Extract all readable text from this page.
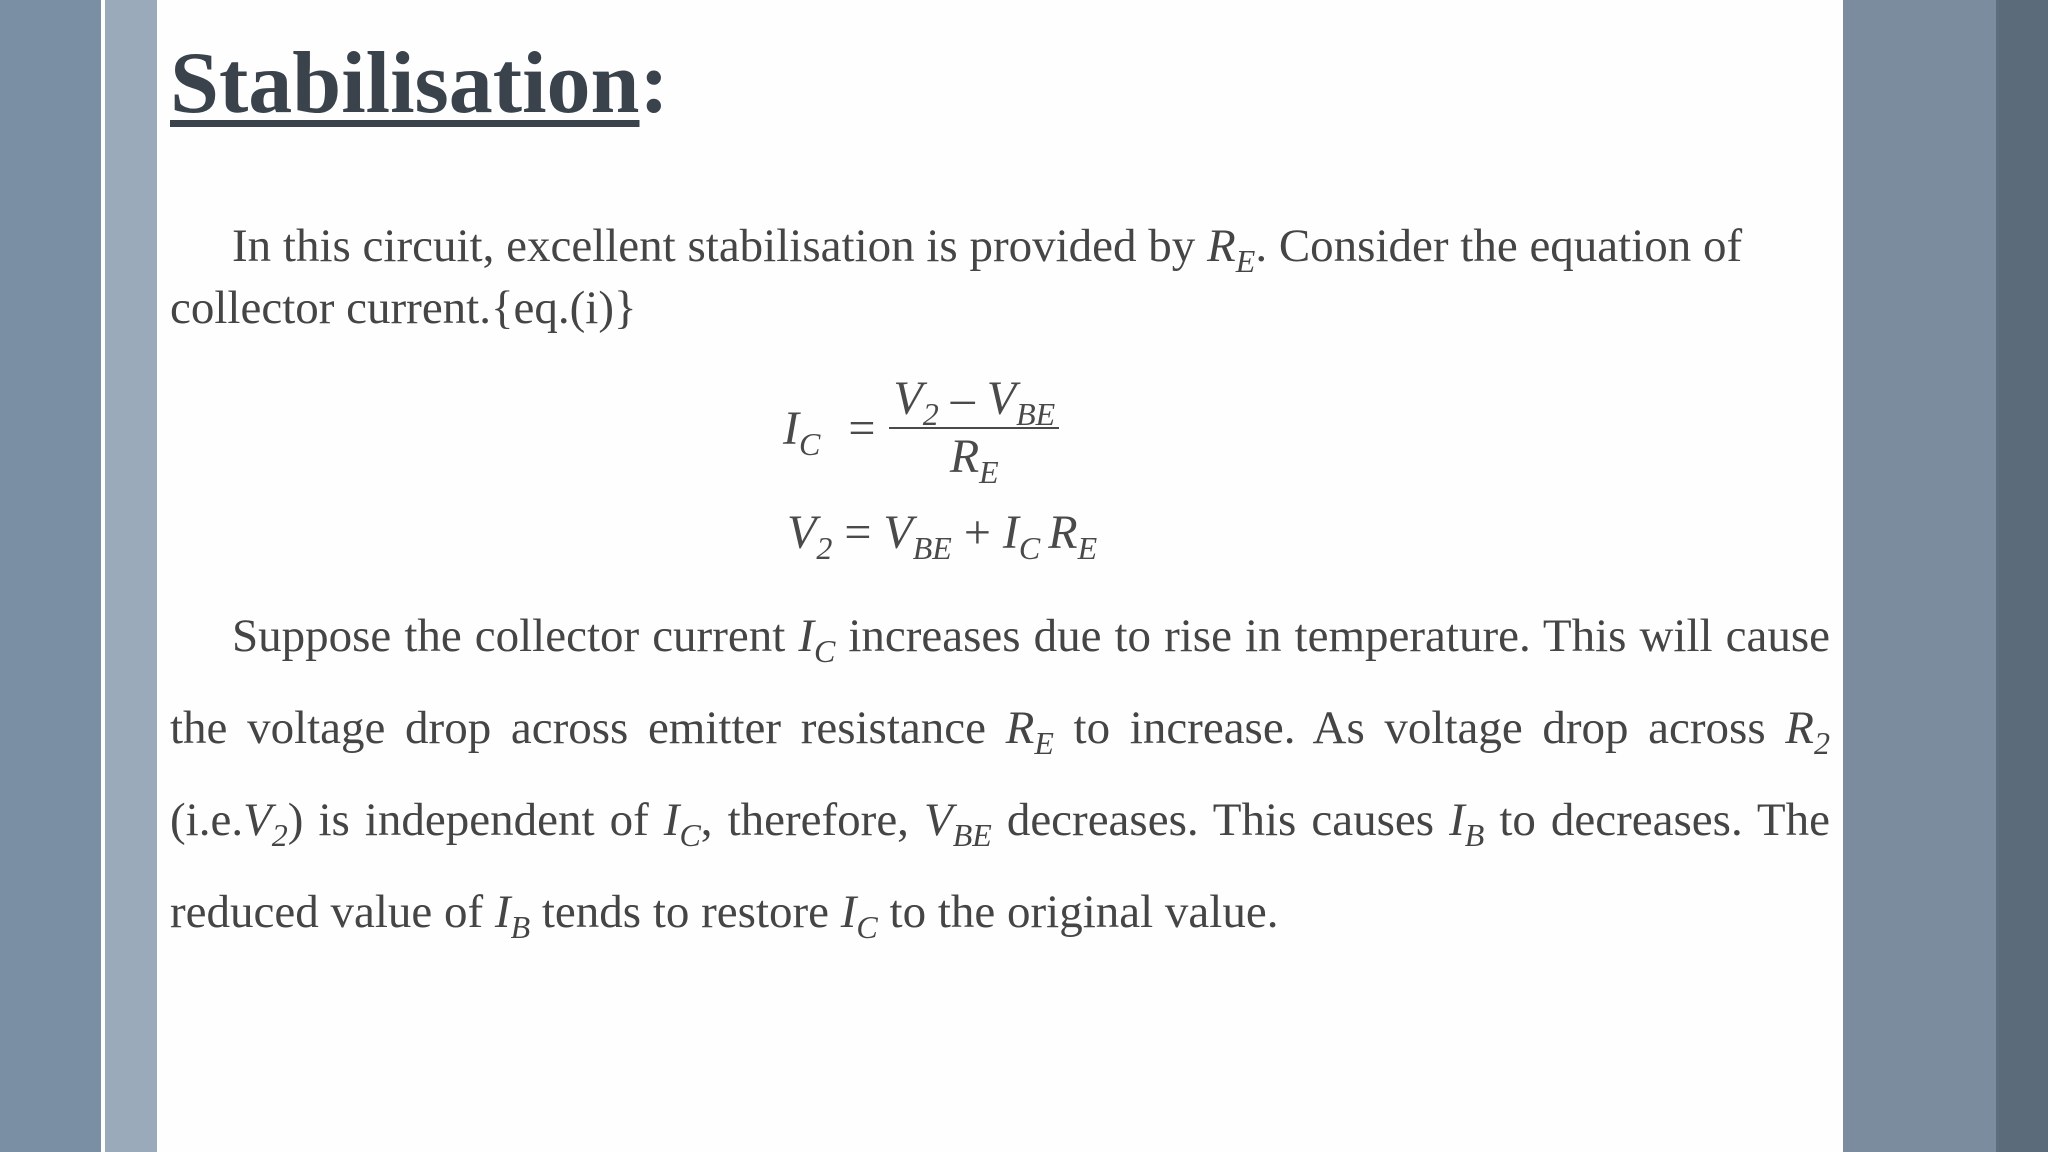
Stabilisation:

In this circuit, excellent stabilisation is provided by $R_E$. Consider the equation of collector current.{eq.(i)}

$I_C = \frac{V_2 - V_{BE}}{R_E}$
$V_2 = V_{BE} + I_C$ $R_E$

Suppose the collector current $I_C$ increases due to rise in temperature. This will cause the voltage drop across emitter resistance $R_E$ to increase. As voltage drop across $R_2$ $(i.e.V_2)$ is independent of $I_C$, therefore, $V_{BE}$ decreases. This causes $I_B$ to decreases. The reduced value of $I_B$ tends to restore $I_C$ to the original value.
